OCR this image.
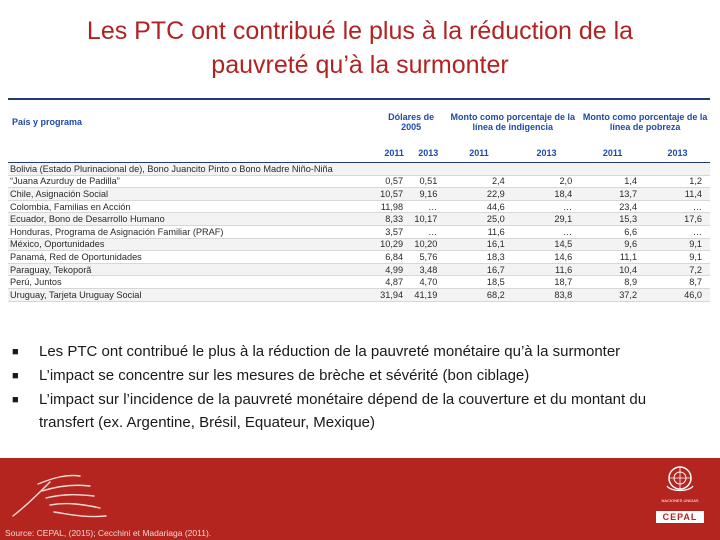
Les PTC ont contribué le plus à la réduction de la
pauvreté qu’à la surmonter
País y programa	Dólares de 2005		Monto como porcentaje de la línea de indigencia		Monto como porcentaje de la línea de pobreza	
	2011	2013	2011	2013	2011	2013
Bolivia (Estado Plurinacional de), Bono Juancito Pinto o Bono Madre Niño-Niña						
“Juana Azurduy de Padilla”	0,57	0,51	2,4	2,0	1,4	1,2
Chile, Asignación Social	10,57	9,16	22,9	18,4	13,7	11,4
Colombia, Familias en Acción	11,98	…	44,6	…	23,4	…
Ecuador, Bono de Desarrollo Humano	8,33	10,17	25,0	29,1	15,3	17,6
Honduras, Programa de Asignación Familiar (PRAF)	3,57	…	11,6	…	6,6	…
México, Oportunidades	10,29	10,20	16,1	14,5	9,6	9,1
Panamá, Red de Oportunidades	6,84	5,76	18,3	14,6	11,1	9,1
Paraguay, Tekoporã	4,99	3,48	16,7	11,6	10,4	7,2
Perú, Juntos	4,87	4,70	18,5	18,7	8,9	8,7
Uruguay, Tarjeta Uruguay Social	31,94	41,19	68,2	83,8	37,2	46,0
■	Les PTC ont contribué le plus à la réduction de la pauvreté monétaire qu’à la surmonter
■	L’impact se concentre sur les mesures de brèche et sévérité (bon ciblage)
■	L’impact sur l’incidence de la pauvreté monétaire dépend de la couverture et du montant du transfert (ex. Argentine, Brésil, Equateur, Mexique)
NACIONES UNIDAS
CEPAL
Source: CEPAL, (2015); Cecchini et Madariaga (2011).
